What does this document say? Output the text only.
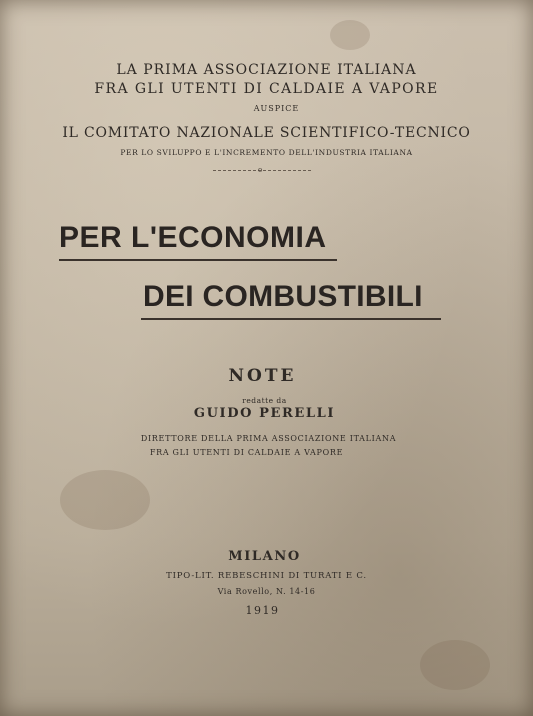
LA PRIMA ASSOCIAZIONE ITALIANA
FRA GLI UTENTI DI CALDAIE A VAPORE
AUSPICE
IL COMITATO NAZIONALE SCIENTIFICO-TECNICO
PER LO SVILUPPO E L'INCREMENTO DELL'INDUSTRIA ITALIANA
o
PER L'ECONOMIA
DEI COMBUSTIBILI
NOTE
redatte da
GUIDO PERELLI
DIRETTORE DELLA PRIMA ASSOCIAZIONE ITALIANA
FRA GLI UTENTI DI CALDAIE A VAPORE
MILANO
TIPO-LIT. REBESCHINI DI TURATI E C.
Via Rovello, N. 14-16
1919
